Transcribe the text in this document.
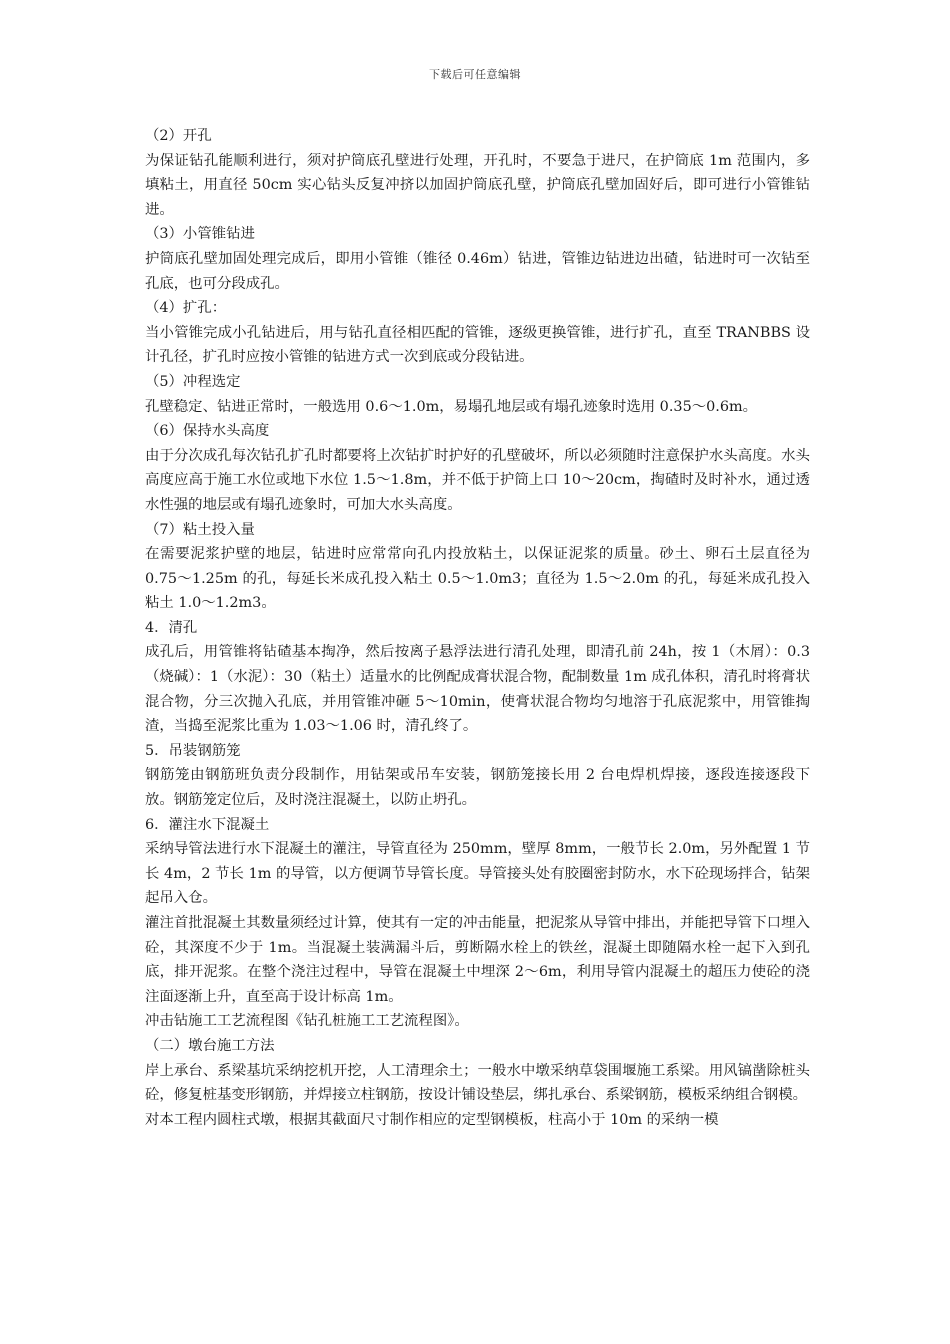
下载后可任意编辑

（2）开孔

为保证钻孔能顺利进行，须对护筒底孔壁进行处理，开孔时，不要急于进尺，在护筒底 1m 范围内，多填粘土，用直径 50cm 实心钻头反复冲挤以加固护筒底孔壁，护筒底孔壁加固好后，即可进行小管锥钻进。

（3）小管锥钻进

护筒底孔壁加固处理完成后，即用小管锥（锥径 0.46m）钻进，管锥边钻进边出碴，钻进时可一次钻至孔底，也可分段成孔。

（4）扩孔：

当小管锥完成小孔钻进后，用与钻孔直径相匹配的管锥，逐级更换管锥，进行扩孔，直至 TRANBBS 设计孔径，扩孔时应按小管锥的钻进方式一次到底或分段钻进。

（5）冲程选定

孔壁稳定、钻进正常时，一般选用 0.6～1.0m，易塌孔地层或有塌孔迹象时选用 0.35～0.6m。

（6）保持水头高度

由于分次成孔每次钻孔扩孔时都要将上次钻扩时护好的孔壁破坏，所以必须随时注意保护水头高度。水头高度应高于施工水位或地下水位 1.5～1.8m，并不低于护筒上口 10～20cm，掏碴时及时补水，通过透水性强的地层或有塌孔迹象时，可加大水头高度。

（7）粘土投入量

在需要泥浆护壁的地层，钻进时应常常向孔内投放粘土，以保证泥浆的质量。砂土、卵石土层直径为 0.75～1.25m 的孔，每延长米成孔投入粘土 0.5～1.0m3；直径为 1.5～2.0m 的孔，每延米成孔投入粘土 1.0～1.2m3。

4．清孔

成孔后，用管锥将钻碴基本掏净，然后按离子悬浮法进行清孔处理，即清孔前 24h，按 1（木屑）：0.3（烧碱）：1（水泥）：30（粘土）适量水的比例配成膏状混合物，配制数量 1m 成孔体积，清孔时将膏状混合物，分三次抛入孔底，并用管锥冲砸 5～10min，使膏状混合物均匀地溶于孔底泥浆中，用管锥掏渣，当捣至泥浆比重为 1.03～1.06 时，清孔终了。

5．吊装钢筋笼

钢筋笼由钢筋班负责分段制作，用钻架或吊车安装，钢筋笼接长用 2 台电焊机焊接，逐段连接逐段下放。钢筋笼定位后，及时浇注混凝土，以防止坍孔。

6．灌注水下混凝土

采纳导管法进行水下混凝土的灌注，导管直径为 250mm，壁厚 8mm，一般节长 2.0m，另外配置 1 节长 4m，2 节长 1m 的导管，以方便调节导管长度。导管接头处有胶圈密封防水，水下砼现场拌合，钻架起吊入仓。

灌注首批混凝土其数量须经过计算，使其有一定的冲击能量，把泥浆从导管中排出，并能把导管下口埋入砼，其深度不少于 1m。当混凝土装满漏斗后，剪断隔水栓上的铁丝，混凝土即随隔水栓一起下入到孔底，排开泥浆。在整个浇注过程中，导管在混凝土中埋深 2～6m，利用导管内混凝土的超压力使砼的浇注面逐渐上升，直至高于设计标高 1m。

冲击钻施工工艺流程图《钻孔桩施工工艺流程图》。

（二）墩台施工方法

岸上承台、系梁基坑采纳挖机开挖，人工清理余土；一般水中墩采纳草袋围堰施工系梁。用风镐凿除桩头砼，修复桩基变形钢筋，并焊接立柱钢筋，按设计铺设垫层，绑扎承台、系梁钢筋，模板采纳组合钢模。

对本工程内圆柱式墩，根据其截面尺寸制作相应的定型钢模板，柱高小于 10m 的采纳一模
